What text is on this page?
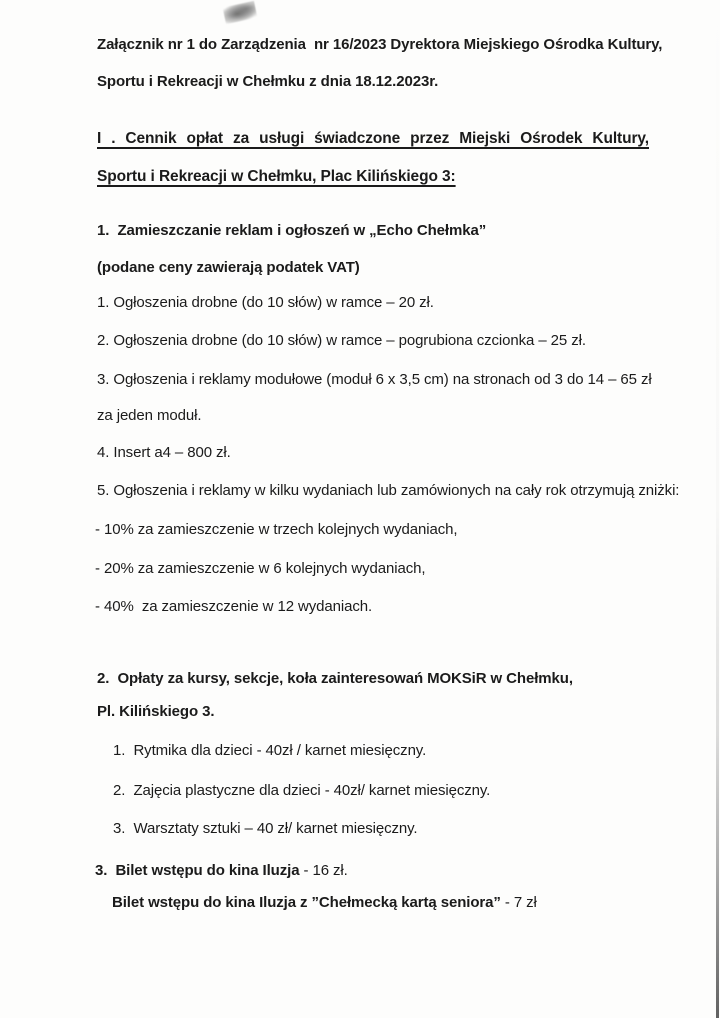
Załącznik nr 1 do Zarządzenia  nr 16/2023 Dyrektora Miejskiego Ośrodka Kultury,
Sportu i Rekreacji w Chełmku z dnia 18.12.2023r.
I . Cennik opłat za usługi świadczone przez Miejski Ośrodek Kultury,
Sportu i Rekreacji w Chełmku, Plac Kilińskiego 3:
1.  Zamieszczanie reklam i ogłoszeń w „Echo Chełmka”
(podane ceny zawierają podatek VAT)
1. Ogłoszenia drobne (do 10 słów) w ramce – 20 zł.
2. Ogłoszenia drobne (do 10 słów) w ramce – pogrubiona czcionka – 25 zł.
3. Ogłoszenia i reklamy modułowe (moduł 6 x 3,5 cm) na stronach od 3 do 14 – 65 zł
za jeden moduł.
4. Insert a4 – 800 zł.
5. Ogłoszenia i reklamy w kilku wydaniach lub zamówionych na cały rok otrzymują zniżki:
- 10% za zamieszczenie w trzech kolejnych wydaniach,
- 20% za zamieszczenie w 6 kolejnych wydaniach,
- 40%  za zamieszczenie w 12 wydaniach.
2.  Opłaty za kursy, sekcje, koła zainteresowań MOKSiR w Chełmku,
Pl. Kilińskiego 3.
1.  Rytmika dla dzieci - 40zł / karnet miesięczny.
2.  Zajęcia plastyczne dla dzieci - 40zł/ karnet miesięczny.
3.  Warsztaty sztuki – 40 zł/ karnet miesięczny.
3.  Bilet wstępu do kina Iluzja - 16 zł.
Bilet wstępu do kina Iluzja z ”Chełmecką kartą seniora” - 7 zł
